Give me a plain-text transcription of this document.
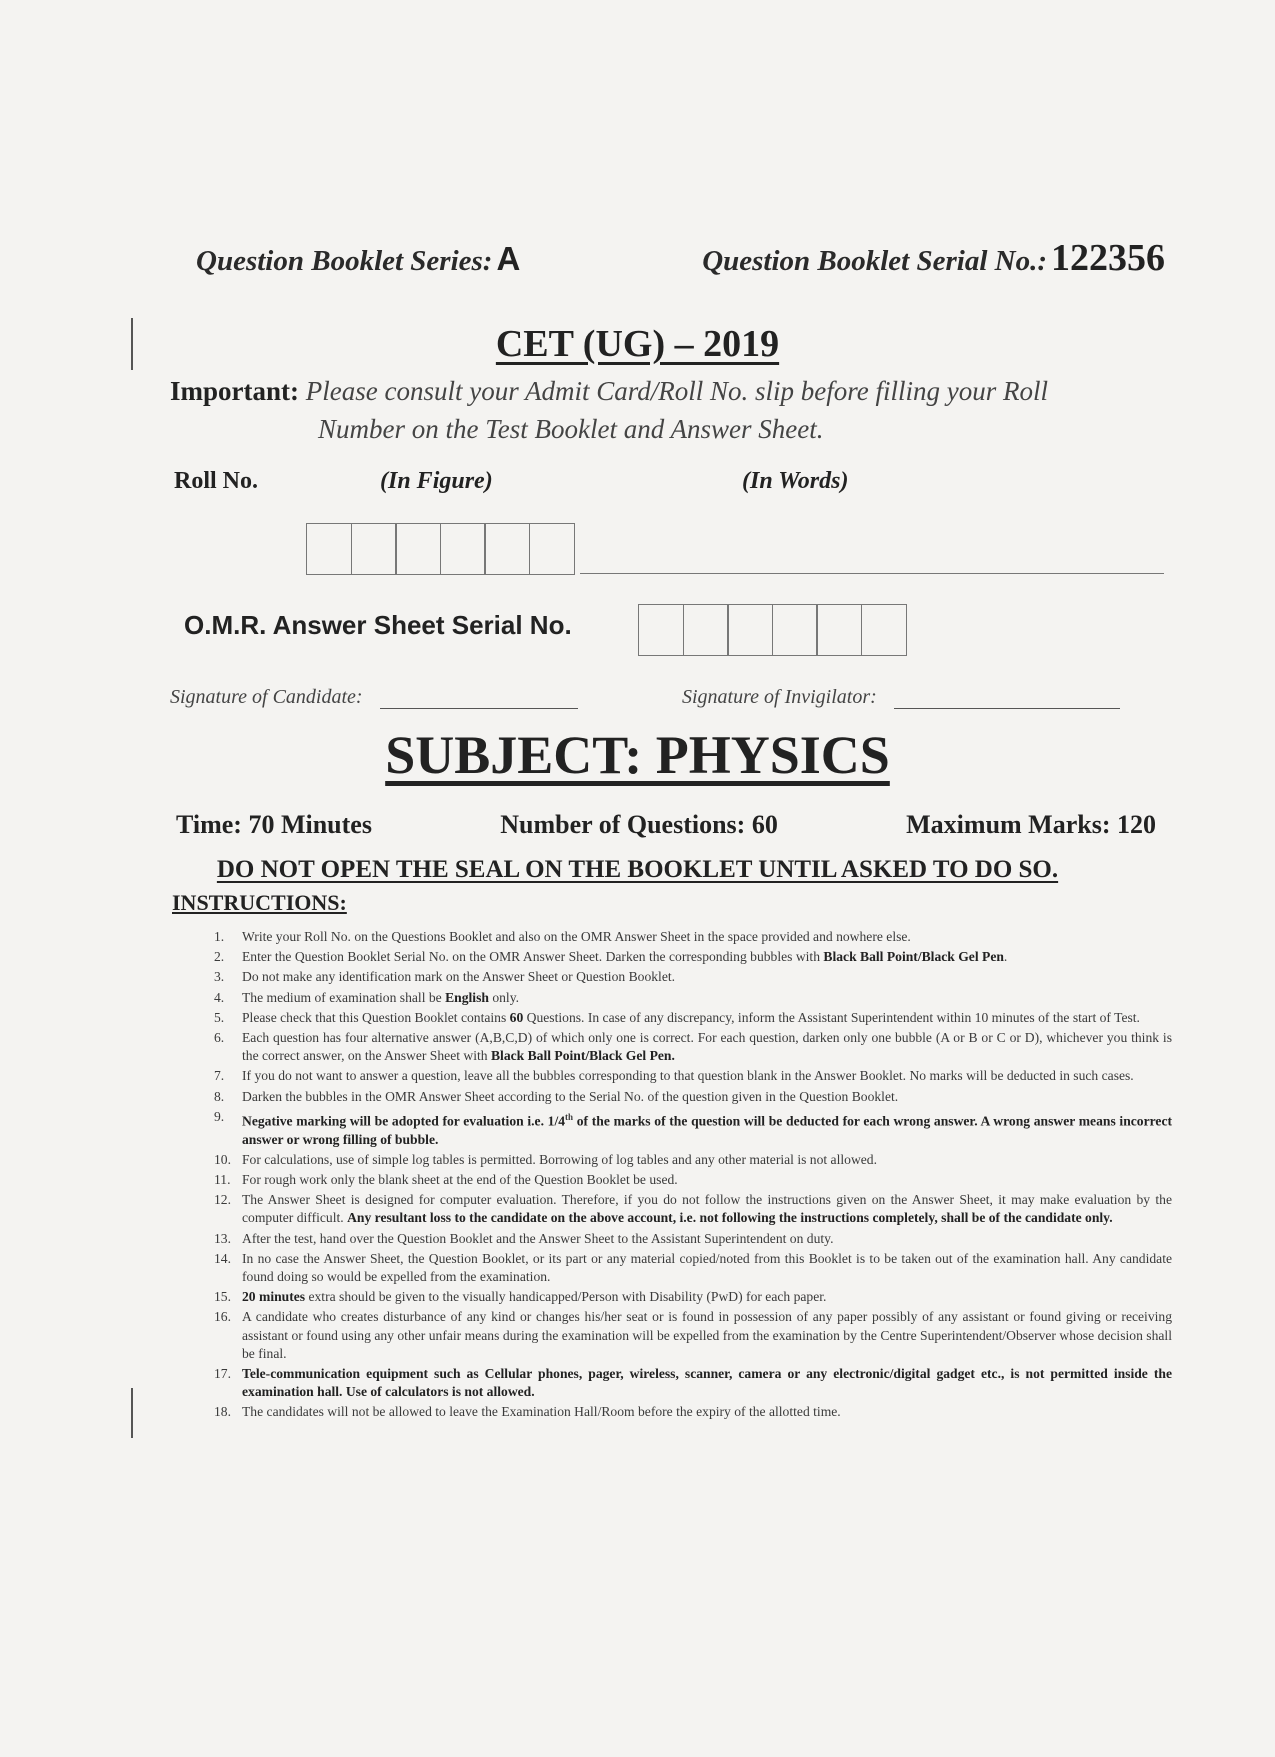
Question Booklet Series: A	Question Booklet Serial No.: 122356
CET (UG) – 2019
Important: Please consult your Admit Card/Roll No. slip before filling your Roll
Number on the Test Booklet and Answer Sheet.
Roll No.	(In Figure)	(In Words)
O.M.R. Answer Sheet Serial No.
Signature of Candidate:	Signature of Invigilator:
SUBJECT: PHYSICS
Time: 70 Minutes	Number of Questions: 60	Maximum Marks: 120
DO NOT OPEN THE SEAL ON THE BOOKLET UNTIL ASKED TO DO SO.
INSTRUCTIONS:
1. Write your Roll No. on the Questions Booklet and also on the OMR Answer Sheet in the space provided and nowhere else.
2. Enter the Question Booklet Serial No. on the OMR Answer Sheet. Darken the corresponding bubbles with Black Ball Point/Black Gel Pen.
3. Do not make any identification mark on the Answer Sheet or Question Booklet.
4. The medium of examination shall be English only.
5. Please check that this Question Booklet contains 60 Questions. In case of any discrepancy, inform the Assistant Superintendent within 10 minutes of the start of Test.
6. Each question has four alternative answer (A,B,C,D) of which only one is correct. For each question, darken only one bubble (A or B or C or D), whichever you think is the correct answer, on the Answer Sheet with Black Ball Point/Black Gel Pen.
7. If you do not want to answer a question, leave all the bubbles corresponding to that question blank in the Answer Booklet. No marks will be deducted in such cases.
8. Darken the bubbles in the OMR Answer Sheet according to the Serial No. of the question given in the Question Booklet.
9. Negative marking will be adopted for evaluation i.e. 1/4th of the marks of the question will be deducted for each wrong answer. A wrong answer means incorrect answer or wrong filling of bubble.
10. For calculations, use of simple log tables is permitted. Borrowing of log tables and any other material is not allowed.
11. For rough work only the blank sheet at the end of the Question Booklet be used.
12. The Answer Sheet is designed for computer evaluation. Therefore, if you do not follow the instructions given on the Answer Sheet, it may make evaluation by the computer difficult. Any resultant loss to the candidate on the above account, i.e. not following the instructions completely, shall be of the candidate only.
13. After the test, hand over the Question Booklet and the Answer Sheet to the Assistant Superintendent on duty.
14. In no case the Answer Sheet, the Question Booklet, or its part or any material copied/noted from this Booklet is to be taken out of the examination hall. Any candidate found doing so would be expelled from the examination.
15. 20 minutes extra should be given to the visually handicapped/Person with Disability (PwD) for each paper.
16. A candidate who creates disturbance of any kind or changes his/her seat or is found in possession of any paper possibly of any assistant or found giving or receiving assistant or found using any other unfair means during the examination will be expelled from the examination by the Centre Superintendent/Observer whose decision shall be final.
17. Tele-communication equipment such as Cellular phones, pager, wireless, scanner, camera or any electronic/digital gadget etc., is not permitted inside the examination hall. Use of calculators is not allowed.
18. The candidates will not be allowed to leave the Examination Hall/Room before the expiry of the allotted time.
